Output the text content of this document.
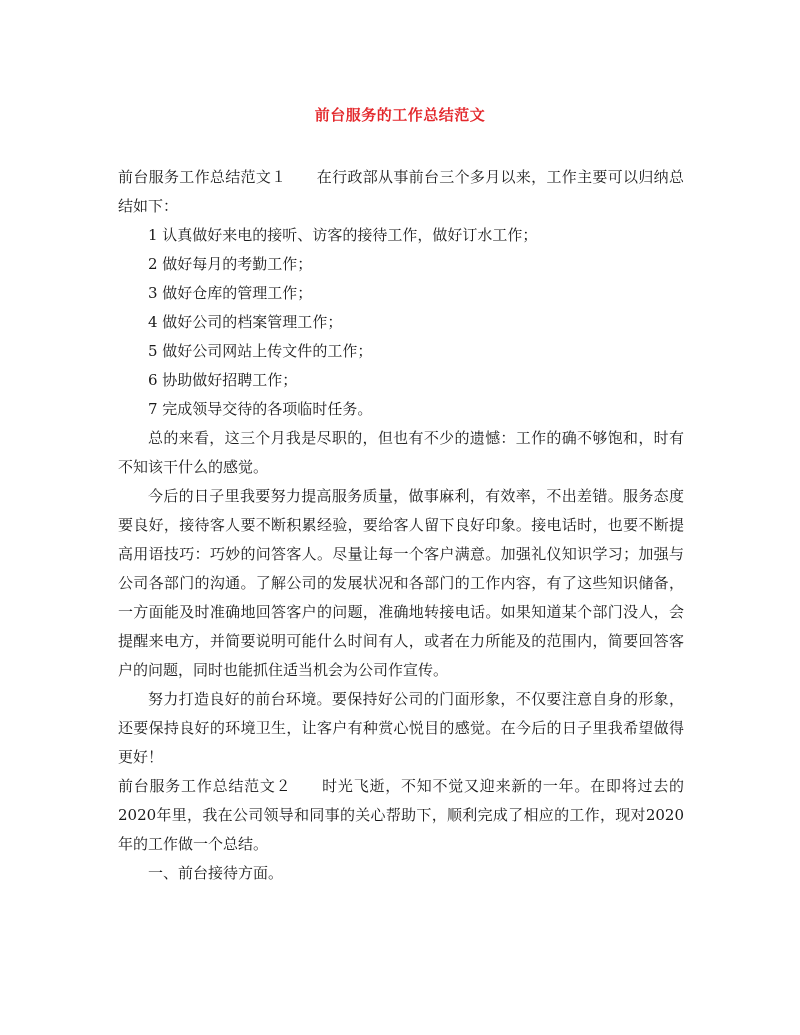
前台服务的工作总结范文

前台服务工作总结范文１ 在行政部从事前台三个多月以来，工作主要可以归纳总结如下：

1 认真做好来电的接听、访客的接待工作，做好订水工作；

2 做好每月的考勤工作；

3 做好仓库的管理工作；

4 做好公司的档案管理工作；

5 做好公司网站上传文件的工作；

6 协助做好招聘工作；

7 完成领导交待的各项临时任务。

总的来看，这三个月我是尽职的，但也有不少的遗憾：工作的确不够饱和，时有不知该干什么的感觉。

今后的日子里我要努力提高服务质量，做事麻利，有效率，不出差错。服务态度要良好，接待客人要不断积累经验，要给客人留下良好印象。接电话时，也要不断提高用语技巧：巧妙的问答客人。尽量让每一个客户满意。加强礼仪知识学习；加强与公司各部门的沟通。了解公司的发展状况和各部门的工作内容，有了这些知识储备，一方面能及时准确地回答客户的问题，准确地转接电话。如果知道某个部门没人，会提醒来电方，并简要说明可能什么时间有人，或者在力所能及的范围内，简要回答客户的问题，同时也能抓住适当机会为公司作宣传。

努力打造良好的前台环境。要保持好公司的门面形象，不仅要注意自身的形象，还要保持良好的环境卫生，让客户有种赏心悦目的感觉。在今后的日子里我希望做得更好！

前台服务工作总结范文２ 时光飞逝，不知不觉又迎来新的一年。在即将过去的2020年里，我在公司领导和同事的关心帮助下，顺利完成了相应的工作，现对2020年的工作做一个总结。

一、前台接待方面。
